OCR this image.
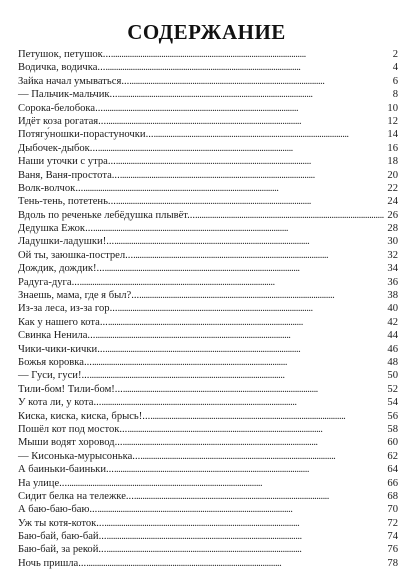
СОДЕРЖАНИЕ
Петушок, петушок... . . .	2
Водичка, водичка... . . .	4
Зайка начал умываться... . . .	6
— Пальчик-мальчик... . . .	8
Сорока-белобока... . . .	10
Идёт коза рогатая... . . .	12
Потягу́ношки-порастуночки... . . .	14
Дыбочек-дыбок... . . .	16
Наши уточки с утра... . . .	18
Ваня, Ваня-простота... . . .	20
Волк-волчок... . . .	22
Тень-тень, потетень... . . .	24
Вдоль по реченьке лебёдушка плывёт... . . .	26
Дедушка Ежок... . . .	28
Ладушки-ладушки!... . . .	30
Ой ты, заюшка-пострел... . . .	32
Дождик, дождик!... . . .	34
Радуга-дуга... . . .	36
Знаешь, мама, где я был?... . . .	38
Из-за леса, из-за гор... . . .	40
Как у нашего кота... . . .	42
Свинка Ненила... . . .	44
Чики-чики-кички... . . .	46
Божья коровка... . . .	48
— Гуси, гуси!... . . .	50
Тили-бом! Тили-бом!... . . .	52
У кота ли, у кота... . . .	54
Киска, киска, киска, брысь!... . . .	56
Пошёл кот под мосток... . . .	58
Мыши водят хоровод... . . .	60
— Кисонька-мурысонька... . . .	62
А баиньки-баиньки... . . .	64
На улице... . . .	66
Сидит белка на тележке... . . .	68
А баю-баю-баю... . . .	70
Уж ты котя-коток... . . .	72
Баю-бай, баю-бай... . . .	74
Баю-бай, за рекой... . . .	76
Ночь пришла... . . .	78
